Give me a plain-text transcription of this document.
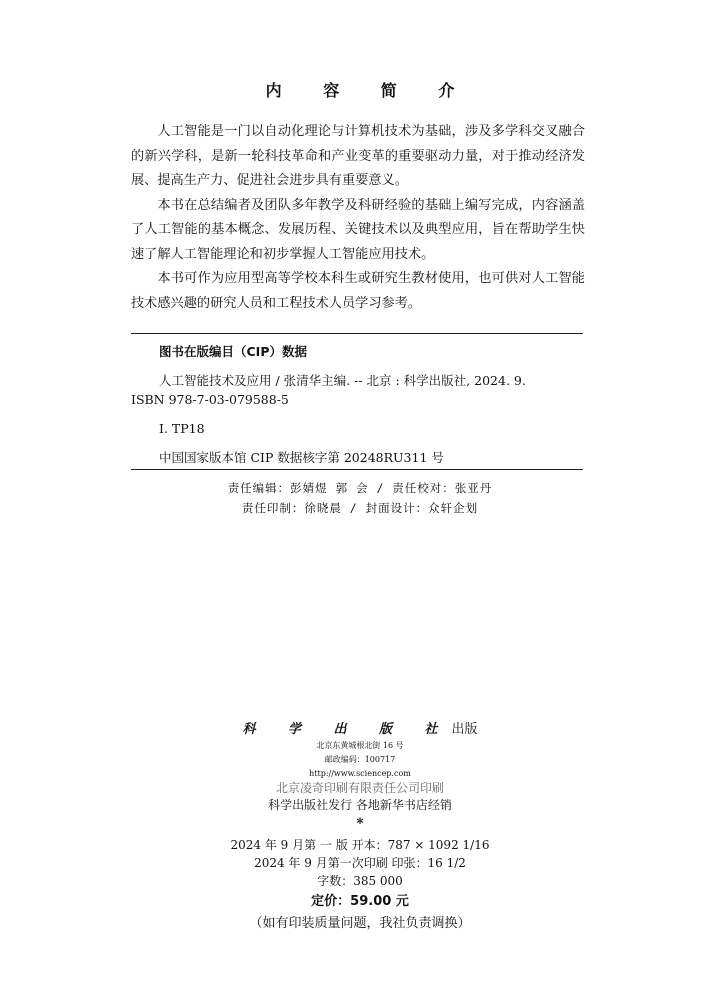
内 容 简 介

人工智能是一门以自动化理论与计算机技术为基础，涉及多学科交叉融合的新兴学科，是新一轮科技革命和产业变革的重要驱动力量，对于推动经济发展、提高生产力、促进社会进步具有重要意义。

本书在总结编者及团队多年教学及科研经验的基础上编写完成，内容涵盖了人工智能的基本概念、发展历程、关键技术以及典型应用，旨在帮助学生快速了解人工智能理论和初步掌握人工智能应用技术。

本书可作为应用型高等学校本科生或研究生教材使用，也可供对人工智能技术感兴趣的研究人员和工程技术人员学习参考。

图书在版编目（CIP）数据
人工智能技术及应用 / 张清华主编. -- 北京 : 科学出版社, 2024. 9.
ISBN 978-7-03-079588-5
Ⅰ. TP18
中国国家版本馆 CIP 数据核字第 20248RU311 号
责任编辑：彭婧煜 郭 会 / 责任校对：张亚丹
责任印制：徐晓晨 / 封面设计：众轩企划
科 学 出 版 社出版
北京东黄城根北街 16 号
邮政编码：100717
http://www.sciencep.com
北京凌奇印刷有限责任公司印刷
科学出版社发行 各地新华书店经销
*
2024 年 9 月第 一 版 开本：787 × 1092 1/16
2024 年 9 月第一次印刷 印张：16 1/2
字数：385 000
定价：59.00 元
（如有印装质量问题，我社负责调换）
